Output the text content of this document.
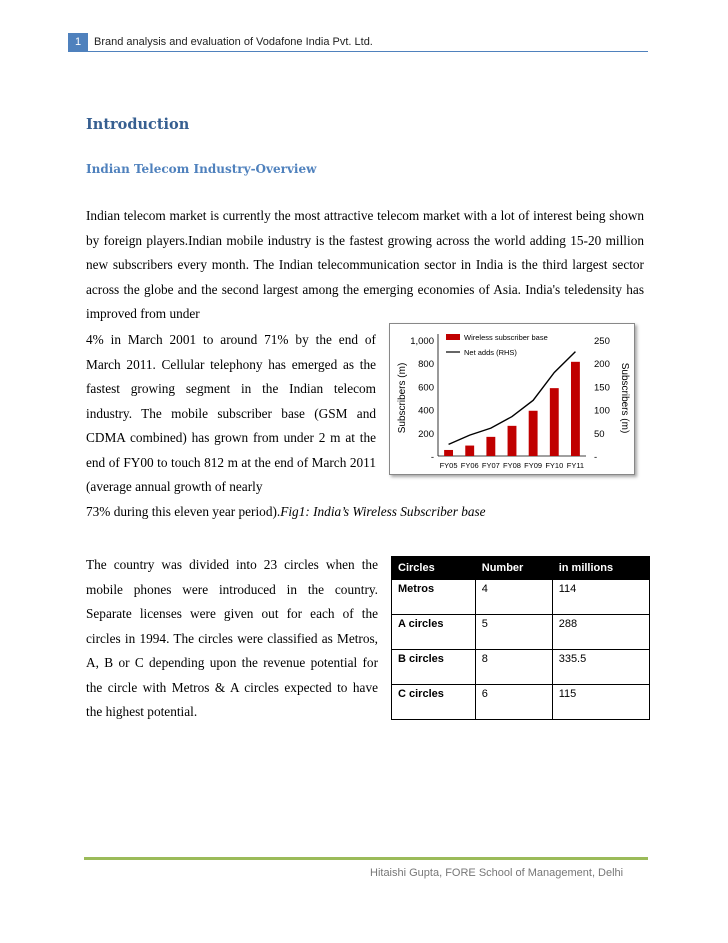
1	Brand analysis and evaluation of Vodafone India Pvt. Ltd.
Introduction
Indian Telecom Industry-Overview
Indian telecom market is currently the most attractive telecom market with a lot of interest being shown by foreign players.Indian mobile industry is the fastest growing across the world adding 15-20 million new subscribers every month. The Indian telecommunication sector in India is the third largest sector across the globe and the second largest among the emerging economies of Asia. India's teledensity has improved from under
4% in March 2001 to around 71% by the end of March 2011. Cellular telephony has emerged as the fastest growing segment in the Indian telecom industry. The mobile subscriber base (GSM and CDMA combined) has grown from under 2 m at the end of FY00 to touch 812 m at the end of March 2011 (average annual growth of nearly
73% during this eleven year period).Fig1: India’s Wireless Subscriber base
The country was divided into 23 circles when the mobile phones were introduced in the country. Separate licenses were given out for each of the circles in 1994. The circles were classified as Metros, A, B or C depending upon the revenue potential for the circle with Metros & A circles expected to have the highest potential.
1,000
800
600
400
200
-
250
200
150
100
50
-
Subscribers (m)	Subscribers (m)
FY05 FY06 FY07 FY08 FY09 FY10 FY11
Wireless subscriber base
Net adds (RHS)
Circles	Number	in millions
Metros	4	114
A circles	5	288
B circles	8	335.5
C circles	6	115
Hitaishi Gupta, FORE School of Management, Delhi
